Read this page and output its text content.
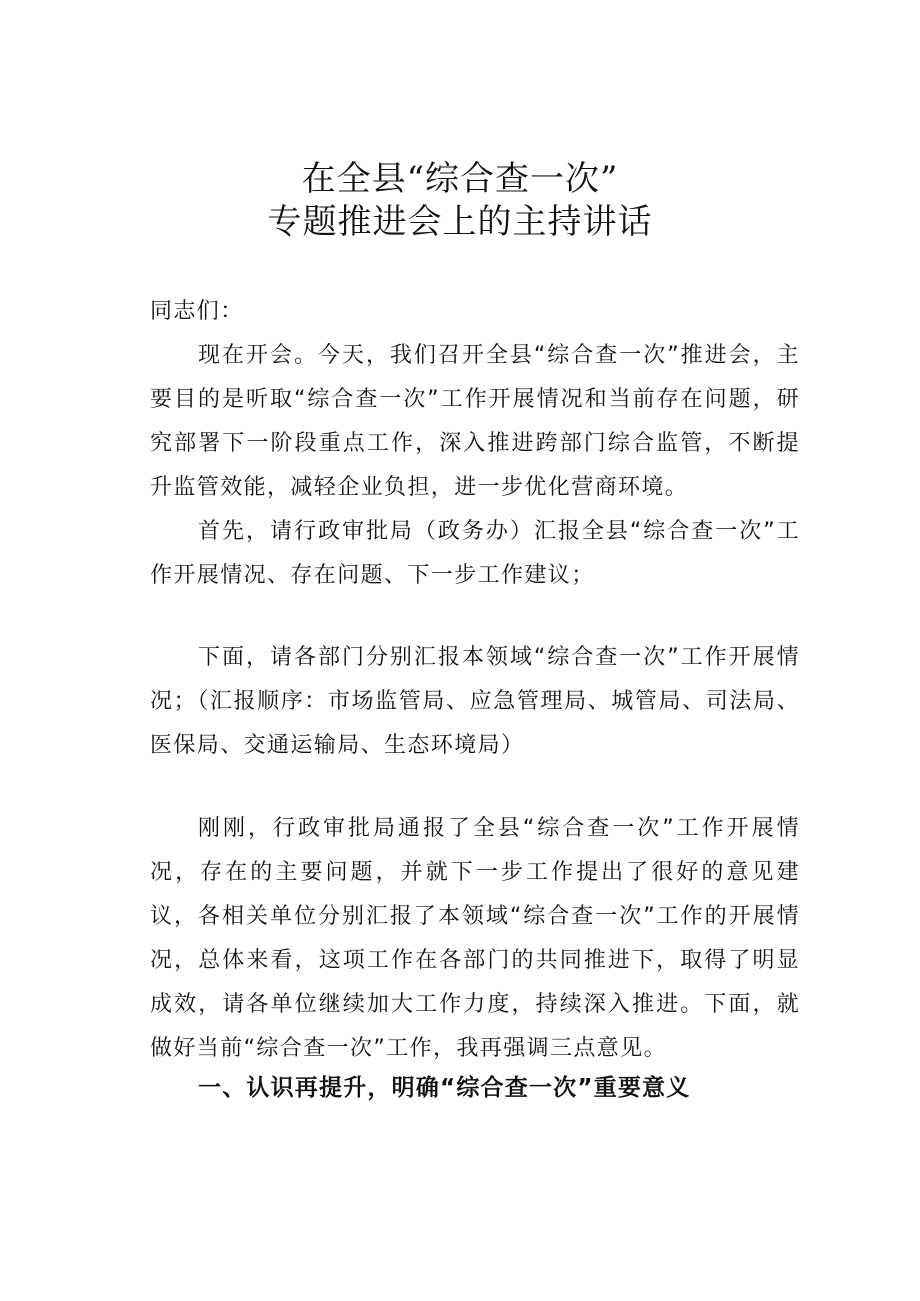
在全县“综合查一次”
专题推进会上的主持讲话
同志们：
现在开会。今天，我们召开全县“综合查一次”推进会，主要目的是听取“综合查一次”工作开展情况和当前存在问题，研究部署下一阶段重点工作，深入推进跨部门综合监管，不断提升监管效能，减轻企业负担，进一步优化营商环境。
首先，请行政审批局（政务办）汇报全县“综合查一次”工作开展情况、存在问题、下一步工作建议；
下面，请各部门分别汇报本领域“综合查一次”工作开展情况；（汇报顺序：市场监管局、应急管理局、城管局、司法局、医保局、交通运输局、生态环境局）
刚刚，行政审批局通报了全县“综合查一次”工作开展情况，存在的主要问题，并就下一步工作提出了很好的意见建议，各相关单位分别汇报了本领域“综合查一次”工作的开展情况，总体来看，这项工作在各部门的共同推进下，取得了明显成效，请各单位继续加大工作力度，持续深入推进。下面，就做好当前“综合查一次”工作，我再强调三点意见。
一、认识再提升，明确“综合查一次”重要意义
